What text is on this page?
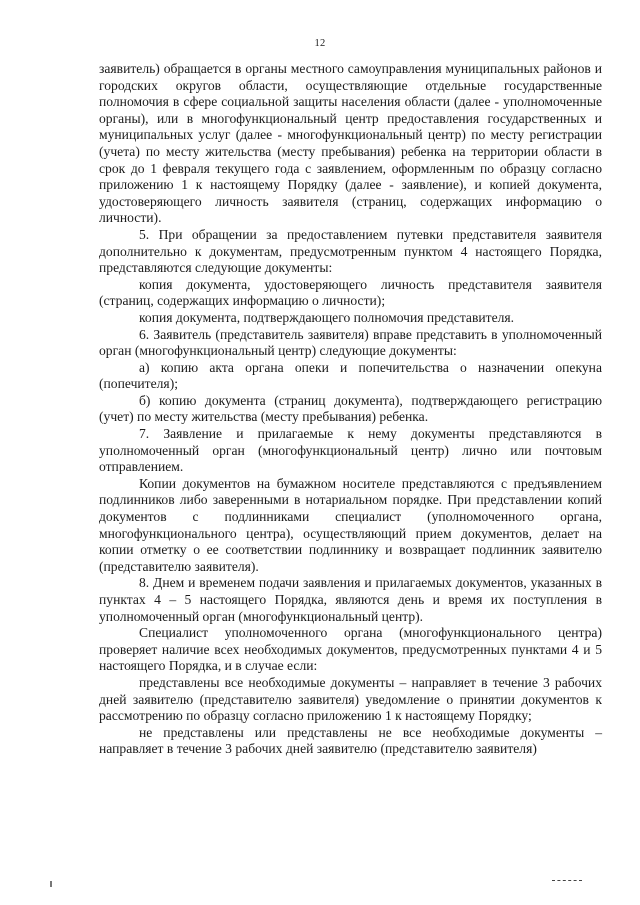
12

заявитель) обращается в органы местного самоуправления муниципальных районов и городских округов области, осуществляющие отдельные государственные полномочия в сфере социальной защиты населения области (далее - уполномоченные органы), или в многофункциональный центр предоставления государственных и муниципальных услуг (далее - многофункциональный центр) по месту регистрации (учета) по месту жительства (месту пребывания) ребенка на территории области в срок до 1 февраля текущего года с заявлением, оформленным по образцу согласно приложению 1 к настоящему Порядку (далее - заявление), и копией документа, удостоверяющего личность заявителя (страниц, содержащих информацию о личности).

5. При обращении за предоставлением путевки представителя заявителя дополнительно к документам, предусмотренным пунктом 4 настоящего Порядка, представляются следующие документы:

копия документа, удостоверяющего личность представителя заявителя (страниц, содержащих информацию о личности);

копия документа, подтверждающего полномочия представителя.

6. Заявитель (представитель заявителя) вправе представить в уполномоченный орган (многофункциональный центр) следующие документы:

а) копию акта органа опеки и попечительства о назначении опекуна (попечителя);

б) копию документа (страниц документа), подтверждающего регистрацию (учет) по месту жительства (месту пребывания) ребенка.

7. Заявление и прилагаемые к нему документы представляются в уполномоченный орган (многофункциональный центр) лично или почтовым отправлением.

Копии документов на бумажном носителе представляются с предъявлением подлинников либо заверенными в нотариальном порядке. При представлении копий документов с подлинниками специалист (уполномоченного органа, многофункционального центра), осуществляющий прием документов, делает на копии отметку о ее соответствии подлиннику и возвращает подлинник заявителю (представителю заявителя).

8. Днем и временем подачи заявления и прилагаемых документов, указанных в пунктах 4 – 5 настоящего Порядка, являются день и время их поступления в уполномоченный орган (многофункциональный центр).

Специалист уполномоченного органа (многофункционального центра) проверяет наличие всех необходимых документов, предусмотренных пунктами 4 и 5 настоящего Порядка, и в случае если:

представлены все необходимые документы – направляет в течение 3 рабочих дней заявителю (представителю заявителя) уведомление о принятии документов к рассмотрению по образцу согласно приложению 1 к настоящему Порядку;

не представлены или представлены не все необходимые документы – направляет в течение 3 рабочих дней заявителю (представителю заявителя)
